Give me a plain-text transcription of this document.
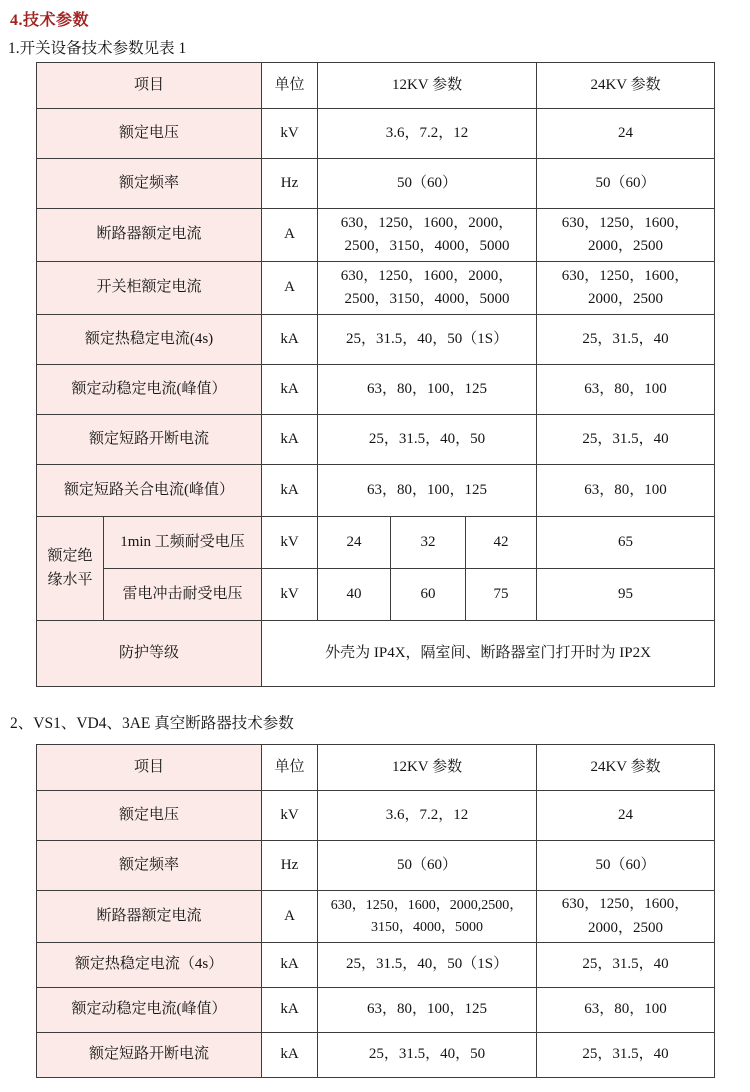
4.技术参数
1.开关设备技术参数见表 1
项目		单位	12KV 参数			24KV 参数
额定电压		kV	3.6，7.2，12			24
额定频率		Hz	50（60）			50（60）
断路器额定电流		A	630，1250，1600，2000，2500，3150，4000，5000			630，1250，1600，2000，2500
开关柜额定电流		A	630，1250，1600，2000，2500，3150，4000，5000			630，1250，1600，2000，2500
额定热稳定电流(4s)		kA	25，31.5，40，50（1S）			25，31.5，40
额定动稳定电流(峰值）		kA	63，80，100，125			63，80，100
额定短路开断电流		kA	25，31.5，40，50			25，31.5，40
额定短路关合电流(峰值）		kA	63，80，100，125			63，80，100
额定绝缘水平	1min 工频耐受电压	kV	24	32	42	65
	雷电冲击耐受电压	kV	40	60	75	95
防护等级		外壳为 IP4X，隔室间、断路器室门打开时为 IP2X				
2、VS1、VD4、3AE 真空断路器技术参数
项目	单位	12KV 参数	24KV 参数
额定电压	kV	3.6，7.2，12	24
额定频率	Hz	50（60）	50（60）
断路器额定电流	A	630，1250，1600，2000,2500，3150，4000，5000	630，1250，1600，2000，2500
额定热稳定电流（4s）	kA	25，31.5，40，50（1S）	25，31.5，40
额定动稳定电流(峰值）	kA	63，80，100，125	63，80，100
额定短路开断电流	kA	25，31.5，40，50	25，31.5，40
